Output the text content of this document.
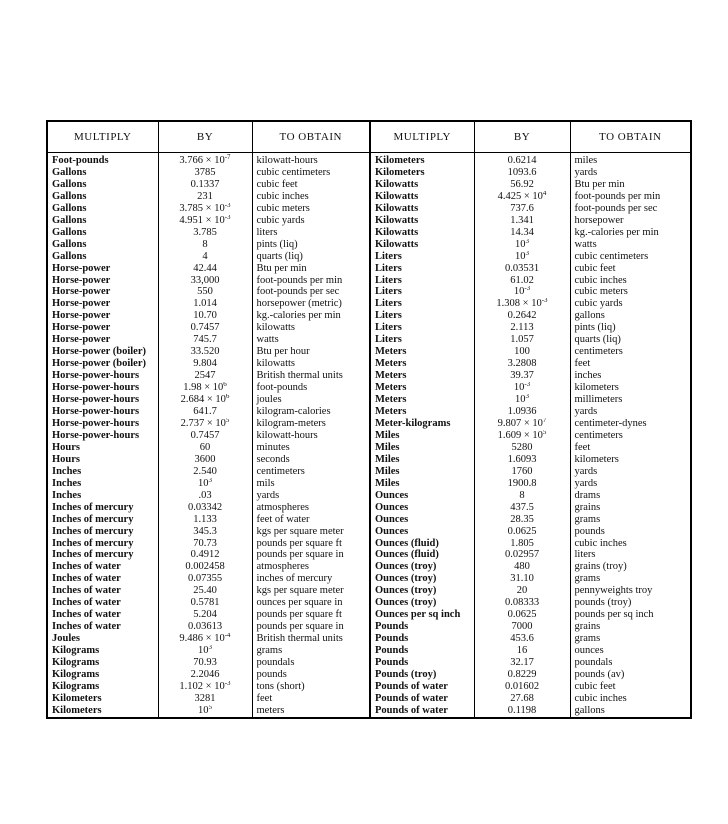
MULTIPLY	BY	TO OBTAIN	MULTIPLY	BY	TO OBTAIN
Foot-pounds	$3.766 \times 10^{-7}$	kilowatt-hours	Kilometers	0.6214	miles
Gallons	3785	cubic centimeters	Kilometers	1093.6	yards
Gallons	0.1337	cubic feet	Kilowatts	56.92	Btu per min
Gallons	231	cubic inches	Kilowatts	$4.425 \times 10^4$	foot-pounds per min
Gallons	$3.785 \times 10^{-3}$	cubic meters	Kilowatts	737.6	foot-pounds per sec
Gallons	$4.951 \times 10^{-3}$	cubic yards	Kilowatts	1.341	horsepower
Gallons	3.785	liters	Kilowatts	14.34	kg.-calories per min
Gallons	8	pints (liq)	Kilowatts	$10^3$	watts
Gallons	4	quarts (liq)	Liters	$10^3$	cubic centimeters
Horse-power	42.44	Btu per min	Liters	0.03531	cubic feet
Horse-power	33,000	foot-pounds per min	Liters	61.02	cubic inches
Horse-power	550	foot-pounds per sec	Liters	$10^{-3}$	cubic meters
Horse-power	1.014	horsepower (metric)	Liters	$1.308 \times 10^{-3}$	cubic yards
Horse-power	10.70	kg.-calories per min	Liters	0.2642	gallons
Horse-power	0.7457	kilowatts	Liters	2.113	pints (liq)
Horse-power	745.7	watts	Liters	1.057	quarts (liq)
Horse-power (boiler)	33.520	Btu per hour	Meters	100	centimeters
Horse-power (boiler)	9.804	kilowatts	Meters	3.2808	feet
Horse-power-hours	2547	British thermal units	Meters	39.37	inches
Horse-power-hours	$1.98 \times 10^6$	foot-pounds	Meters	$10^{-3}$	kilometers
Horse-power-hours	$2.684 \times 10^6$	joules	Meters	$10^3$	millimeters
Horse-power-hours	641.7	kilogram-calories	Meters	1.0936	yards
Horse-power-hours	$2.737 \times 10^5$	kilogram-meters	Meter-kilograms	$9.807 \times 10^7$	centimeter-dynes
Horse-power-hours	0.7457	kilowatt-hours	Miles	$1.609 \times 10^5$	centimeters
Hours	60	minutes	Miles	5280	feet
Hours	3600	seconds	Miles	1.6093	kilometers
Inches	2.540	centimeters	Miles	1760	yards
Inches	$10^3$	mils	Miles	1900.8	yards
Inches	.03	yards	Ounces	8	drams
Inches of mercury	0.03342	atmospheres	Ounces	437.5	grains
Inches of mercury	1.133	feet of water	Ounces	28.35	grams
Inches of mercury	345.3	kgs per square meter	Ounces	0.0625	pounds
Inches of mercury	70.73	pounds per square ft	Ounces (fluid)	1.805	cubic inches
Inches of mercury	0.4912	pounds per square in	Ounces (fluid)	0.02957	liters
Inches of water	0.002458	atmospheres	Ounces (troy)	480	grains (troy)
Inches of water	0.07355	inches of mercury	Ounces (troy)	31.10	grams
Inches of water	25.40	kgs per square meter	Ounces (troy)	20	pennyweights troy
Inches of water	0.5781	ounces per square in	Ounces (troy)	0.08333	pounds (troy)
Inches of water	5.204	pounds per square ft	Ounces per sq inch	0.0625	pounds per sq inch
Inches of water	0.03613	pounds per square in	Pounds	7000	grains
Joules	$9.486 \times 10^{-4}$	British thermal units	Pounds	453.6	grams
Kilograms	$10^3$	grams	Pounds	16	ounces
Kilograms	70.93	poundals	Pounds	32.17	poundals
Kilograms	2.2046	pounds	Pounds (troy)	0.8229	pounds (av)
Kilograms	$1.102 \times 10^{-3}$	tons (short)	Pounds of water	0.01602	cubic feet
Kilometers	3281	feet	Pounds of water	27.68	cubic inches
Kilometers	$10^5$	meters	Pounds of water	0.1198	gallons
